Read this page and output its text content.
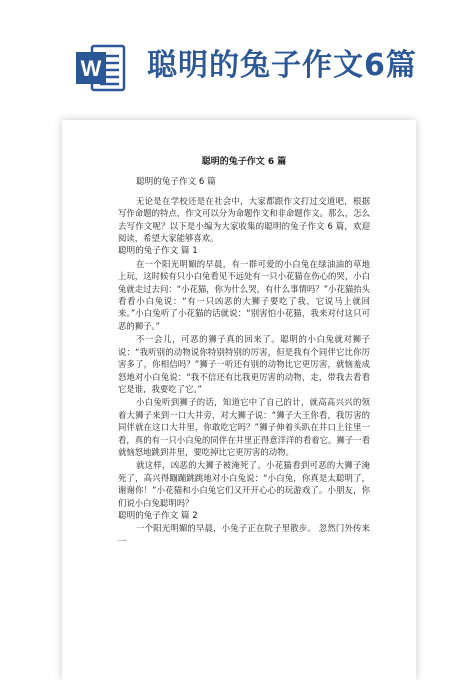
W 聪明的兔子作文6篇
聪明的兔子作文 6 篇
聪明的兔子作文 6 篇

无论是在学校还是在社会中，大家都跟作文打过交道吧，根据写作命题的特点，作文可以分为命题作文和非命题作文。那么，怎么去写作文呢？以下是小编为大家收集的聪明的兔子作文 6 篇，欢迎阅读，希望大家能够喜欢。

聪明的兔子作文 篇 1

在一个阳光明媚的早晨，有一群可爱的小白兔在绿油油的草地上玩，这时候有只小白兔看见不远处有一只小花猫在伤心的哭，小白兔就走过去问：“小花猫，你为什么哭，有什么事情吗？”小花猫抬头看看小白兔说：“有一只凶恶的大狮子要吃了我，它说马上就回来。”小白兔听了小花猫的话就说：“别害怕小花猫，我来对付这只可恶的狮子。”

不一会儿，可恶的狮子真的回来了。聪明的小白兔就对狮子说：“我听别的动物说你特别特别的厉害，但是我有个同伴它比你厉害多了，你相信吗？”狮子一听还有别的动物比它更厉害，就恼羞成怒地对小白兔说：“我不信还有比我更厉害的动物，走，带我去看看它是谁，我要吃了它。”

小白兔听到狮子的话，知道它中了自己的计，就高高兴兴的领着大狮子来到一口大井旁，对大狮子说：“狮子大王你看，我厉害的同伴就在这口大井里，你敢吃它吗？”狮子伸着头趴在井口上往里一看，真的有一只小白兔的同伴在井里正得意洋洋的看着它。狮子一看就恼怒地跳到井里，要吃掉比它更厉害的动物。

就这样，凶恶的大狮子被淹死了。小花猫看到可恶的大狮子淹死了，高兴得蹦蹦跳跳地对小白兔说：“小白兔，你真是太聪明了，谢谢你！”小花猫和小白兔它们又开开心心的玩游戏了。小朋友，你们说小白兔聪明吗？

聪明的兔子作文 篇 2

一个阳光明媚的早晨，小兔子正在院子里散步。 忽然门外传来一
